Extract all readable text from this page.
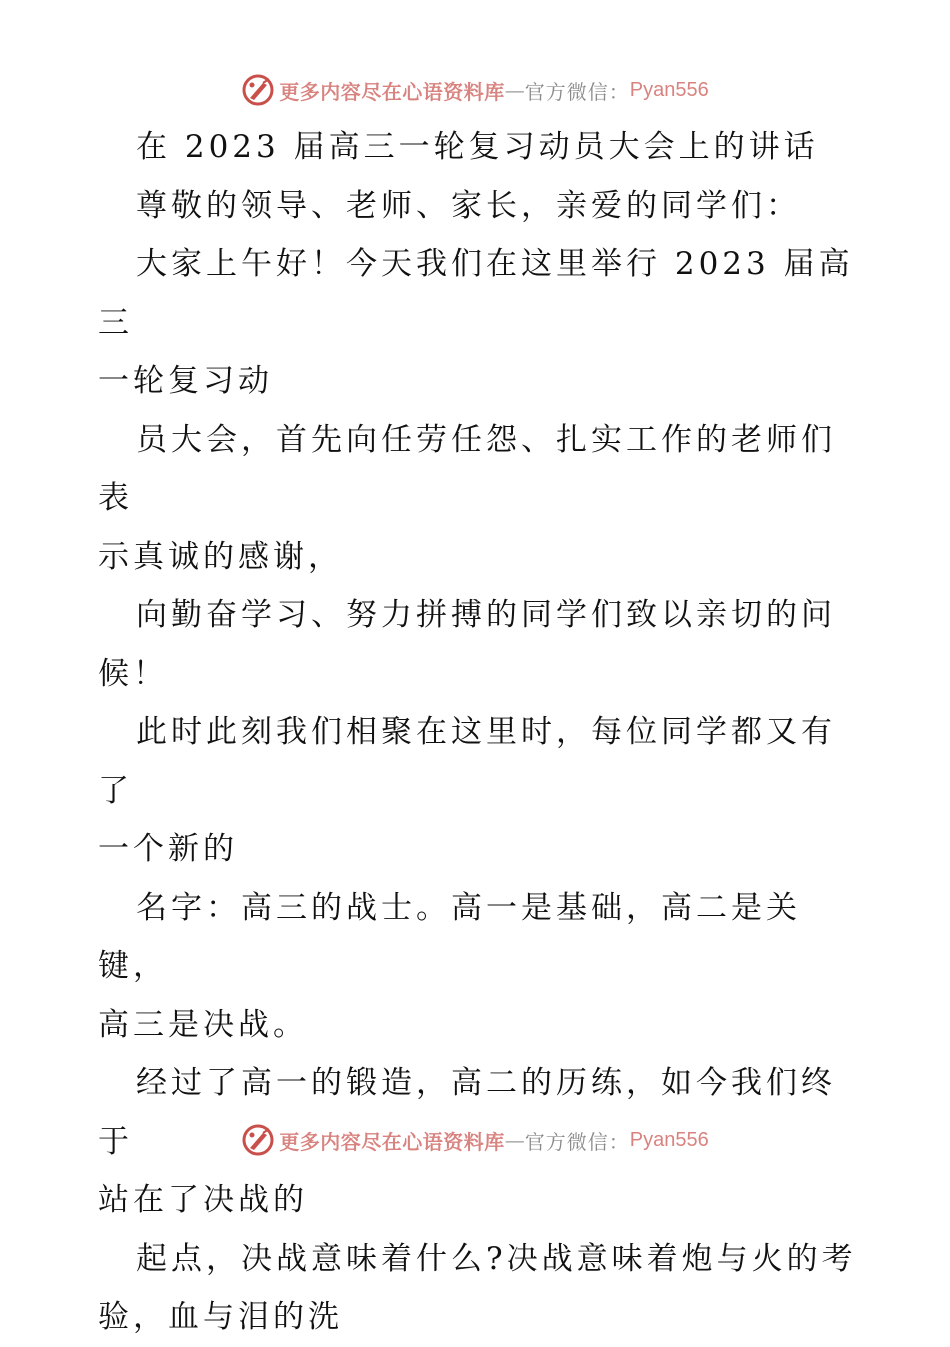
更多内容尽在心语资料库 — 官方微信： Pyan556

在 2023 届高三一轮复习动员大会上的讲话

尊敬的领导、老师、家长，亲爱的同学们：

大家上午好！今天我们在这里举行 2023 届高三

一轮复习动

员大会，首先向任劳任怨、扎实工作的老师们表

示真诚的感谢，

向勤奋学习、努力拼搏的同学们致以亲切的问

候！

此时此刻我们相聚在这里时，每位同学都又有了

一个新的

名字：高三的战士。高一是基础，高二是关键，

高三是决战。

经过了高一的锻造，高二的历练，如今我们终于

站在了决战的

起点，决战意味着什么?决战意味着炮与火的考

验，血与泪的洗

更多内容尽在心语资料库 — 官方微信： Pyan556
